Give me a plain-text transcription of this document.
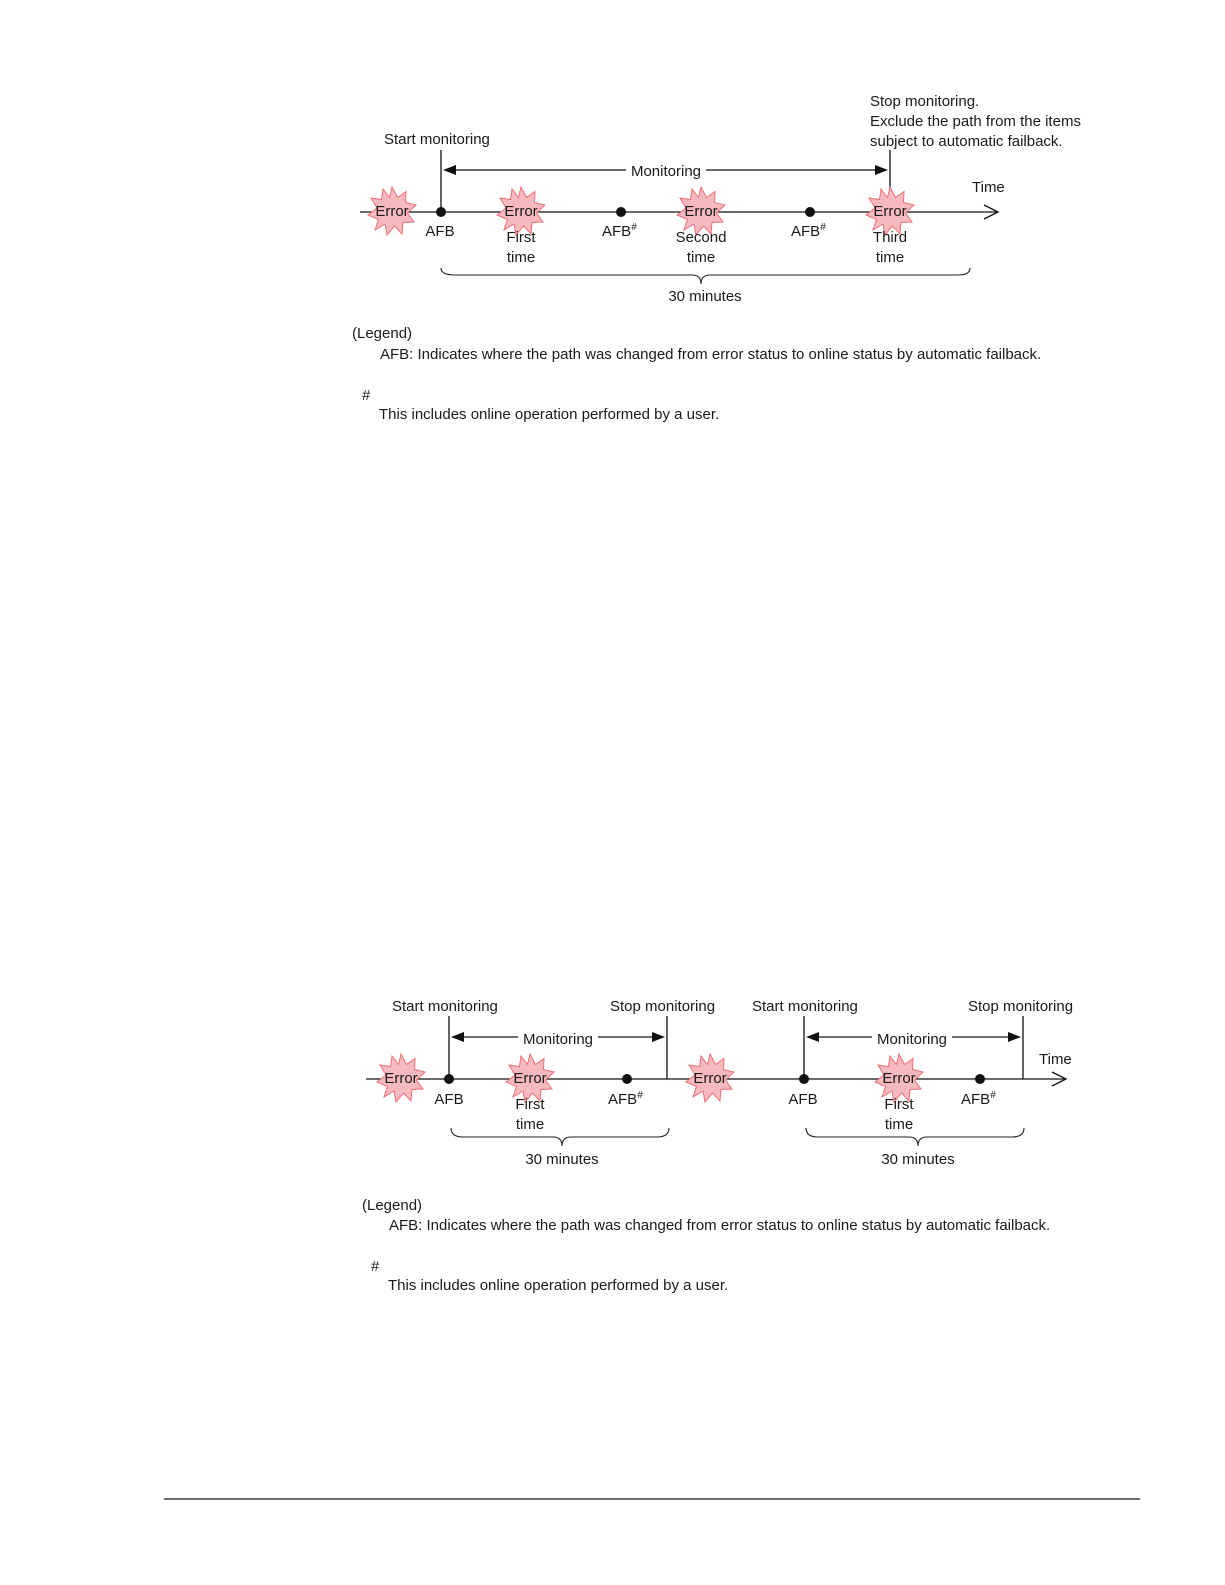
Stop monitoring.
Exclude the path from the items
subject to automatic failback.
Start monitoring
Monitoring
Time
Error	Error	Error	Error
AFB	AFB#	AFB#
First
time
Second
time
Third
time
30 minutes
(Legend)
AFB: Indicates where the path was changed from error status to online status by automatic failback.
#
This includes online operation performed by a user.
Start monitoring	Stop monitoring Start monitoring	Stop monitoring
Monitoring	Monitoring
Time
Error	Error	Error	Error
AFB	AFB#	AFB	AFB#
First
time
First
time
30 minutes	30 minutes
(Legend)
AFB: Indicates where the path was changed from error status to online status by automatic failback.
#
This includes online operation performed by a user.
